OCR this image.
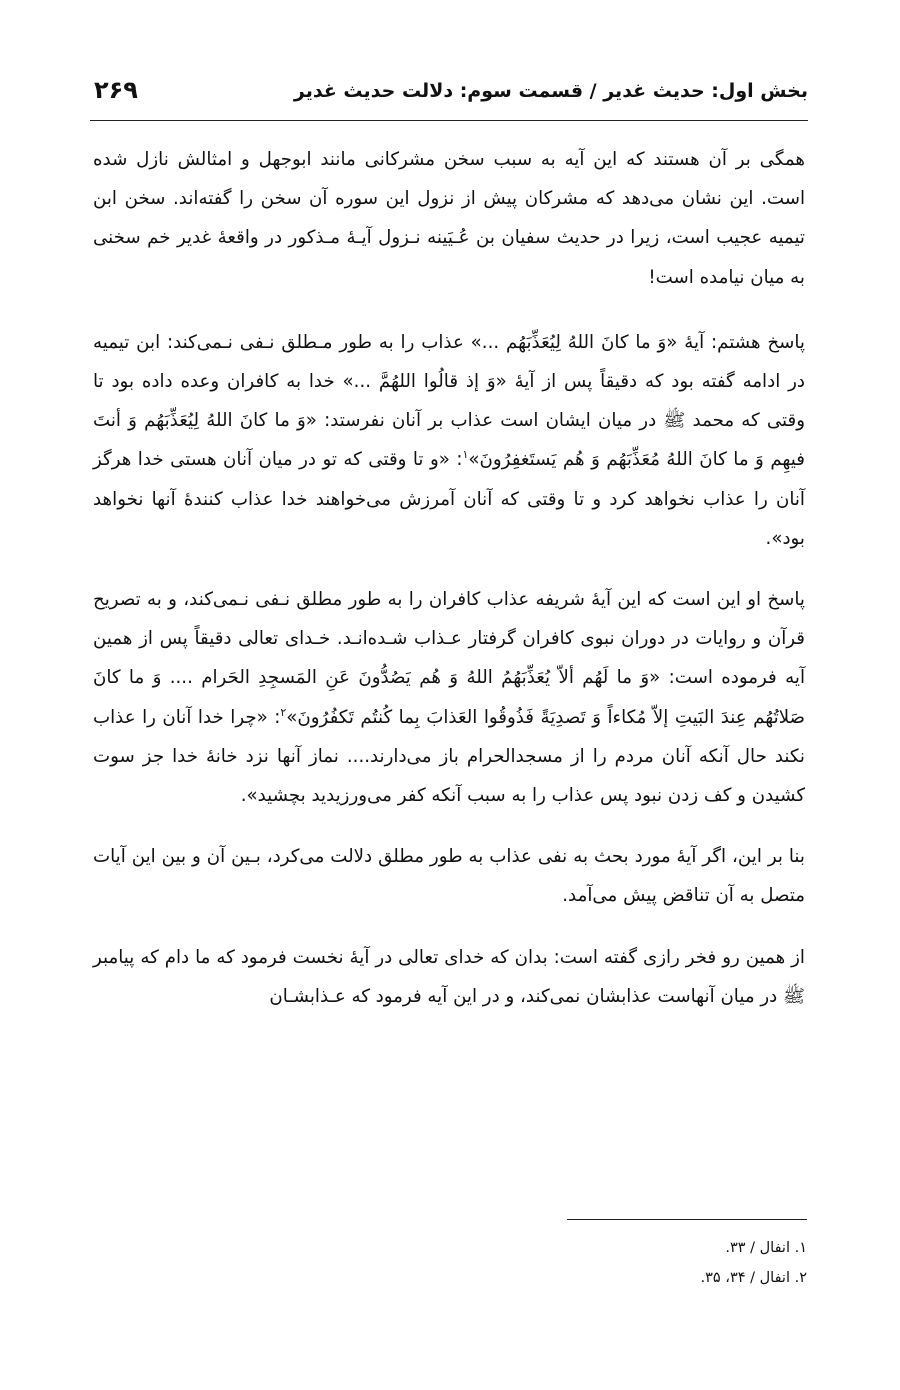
بخش اول: حدیث غدیر / قسمت سوم: دلالت حدیث غدیر
۲۶۹

همگی بر آن هستند که این آیه به سبب سخن مشرکانی مانند ابوجهل و امثالش نازل شده است. این نشان می‌دهد که مشرکان پیش از نزول این سوره آن سخن را گفته‌اند. سخن ابن تیمیه عجیب است، زیرا در حدیث سفیان بن عُـیَینه نـزول آیـهٔ مـذکور در واقعهٔ غدیر خم سخنی به میان نیامده است!

پاسخ هشتم: آیهٔ «وَ ما کانَ اللهُ لِیُعَذِّبَهُم ...» عذاب را به طور مـطلق نـفی نـمی‌کند: ابن تیمیه در ادامه گفته بود که دقیقاً پس از آیهٔ «وَ إذ قالُوا اللهُمَّ ...» خدا به کافران وعده داده بود تا وقتی که محمد ﷺ در میان ایشان است عذاب بر آنان نفرستد: «وَ ما کانَ اللهُ لِیُعَذِّبَهُم وَ أنتَ فیهِم وَ ما کانَ اللهُ مُعَذِّبَهُم وَ هُم یَستَغفِرُونَ»$^۱$: «و تا وقتی که تو در میان آنان هستی خدا هرگز آنان را عذاب نخواهد کرد و تا وقتی که آنان آمرزش می‌خواهند خدا عذاب کنندهٔ آنها نخواهد بود».

پاسخ او این است که این آیهٔ شریفه عذاب کافران را به طور مطلق نـفی نـمی‌کند، و به تصریح قرآن و روایات در دوران نبوی کافران گرفتار عـذاب شـده‌انـد. خـدای تعالی دقیقاً پس از همین آیه فرموده است: «وَ ما لَهُم ألاّ یُعَذِّبَهُمُ اللهُ وَ هُم یَصُدُّونَ عَنِ المَسجِدِ الحَرام .... وَ ما کانَ صَلاتُهُم عِندَ البَیتِ إلاّ مُکاءاً وَ تَصدِیَةً فَذُوقُوا العَذابَ بِما کُنتُم تَکفُرُونَ»$^۲$: «چرا خدا آنان را عذاب نکند حال آنکه آنان مردم را از مسجدالحرام باز می‌دارند.... نماز آنها نزد خانهٔ خدا جز سوت کشیدن و کف زدن نبود پس عذاب را به سبب آنکه کفر می‌ورزیدید بچشید».

بنا بر این، اگر آیهٔ مورد بحث به نفی عذاب به طور مطلق دلالت می‌کرد، بـین آن و بین این آیات متصل به آن تناقض پیش می‌آمد.

از همین رو فخر رازی گفته است: بدان که خدای تعالی در آیهٔ نخست فرمود که ما دام که پیامبر ﷺ در میان آنهاست عذابشان نمی‌کند، و در این آیه فرمود که عـذابشـان

۱. انفال / ۳۳.
۲. انفال / ۳۴، ۳۵.
